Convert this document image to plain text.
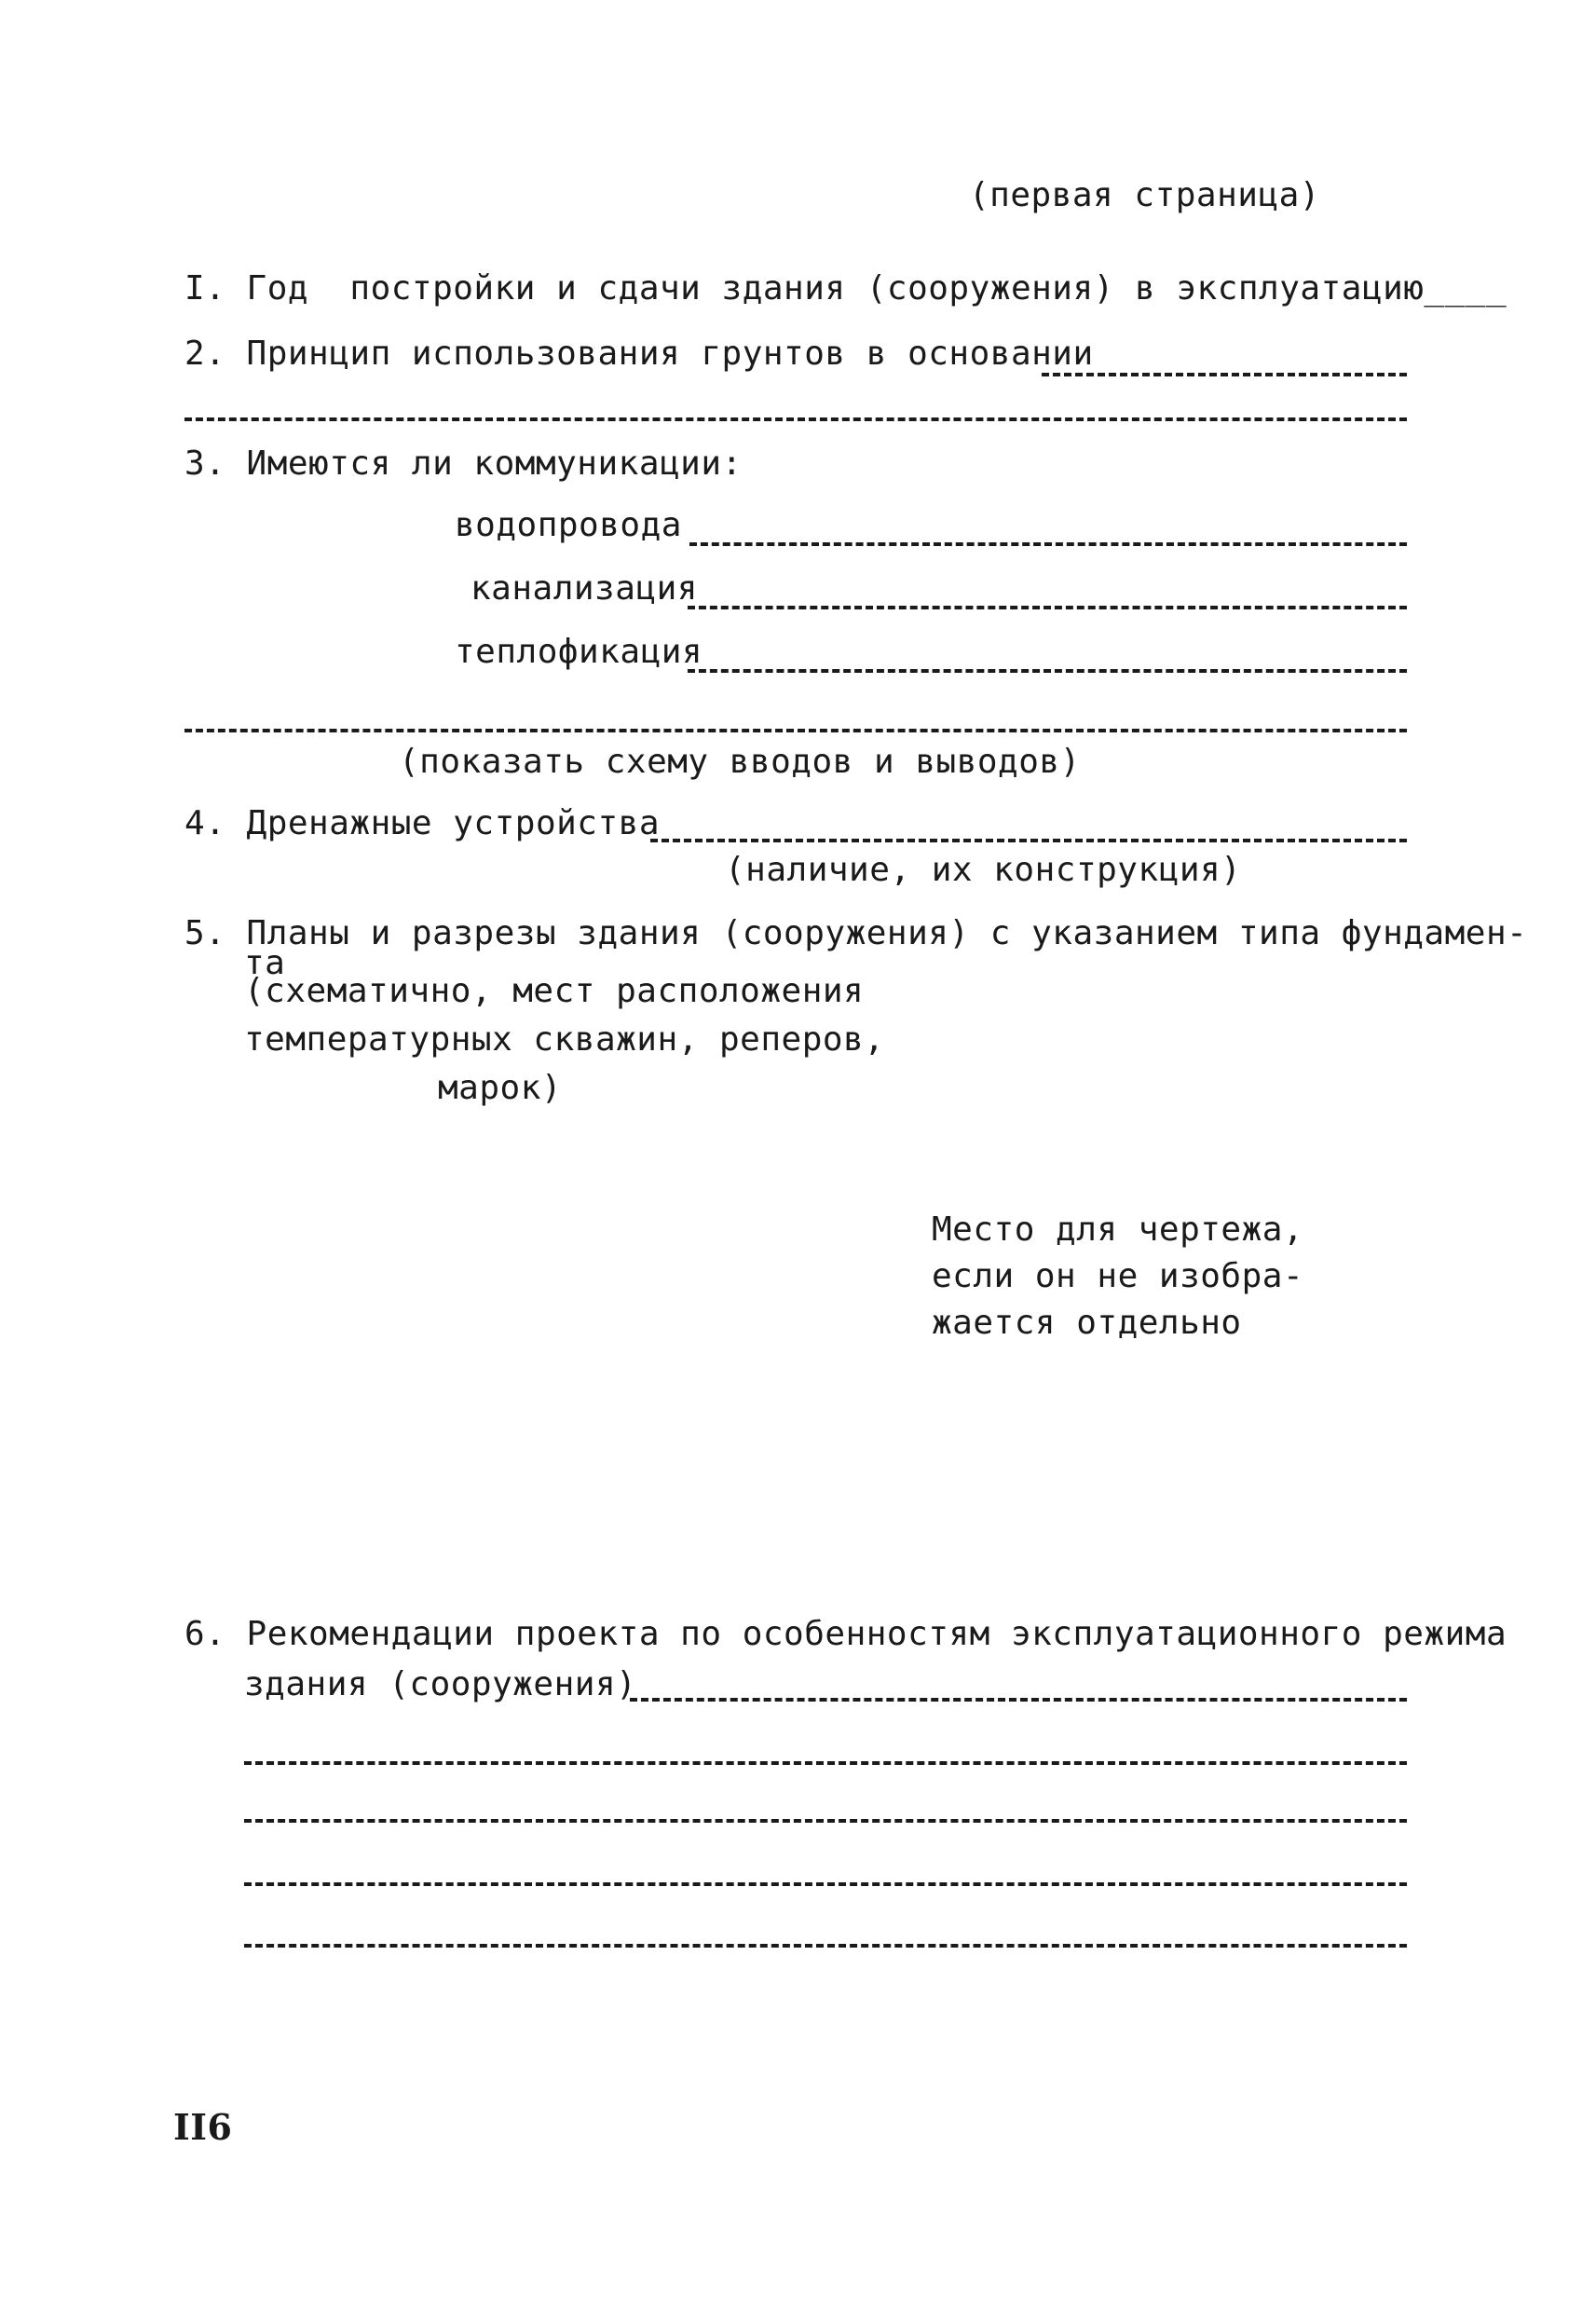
(первая страница)
I. Год  постройки и сдачи здания (сооружения) в эксплуатацию____
2. Принцип использования грунтов в основании
3. Имеются ли коммуникации:
водопровода
канализация
теплофикация
(показать схему вводов и выводов)
4. Дренажные устройства
(наличие, их конструкция)
5. Планы и разрезы здания (сооружения) с указанием типа фундамен-
та
(схематично, мест расположения
температурных скважин, реперов,
марок)
Место для чертежа,
если он не изобра-
жается отдельно
6. Рекомендации проекта по особенностям эксплуатационного режима
здания (сооружения)
II6
